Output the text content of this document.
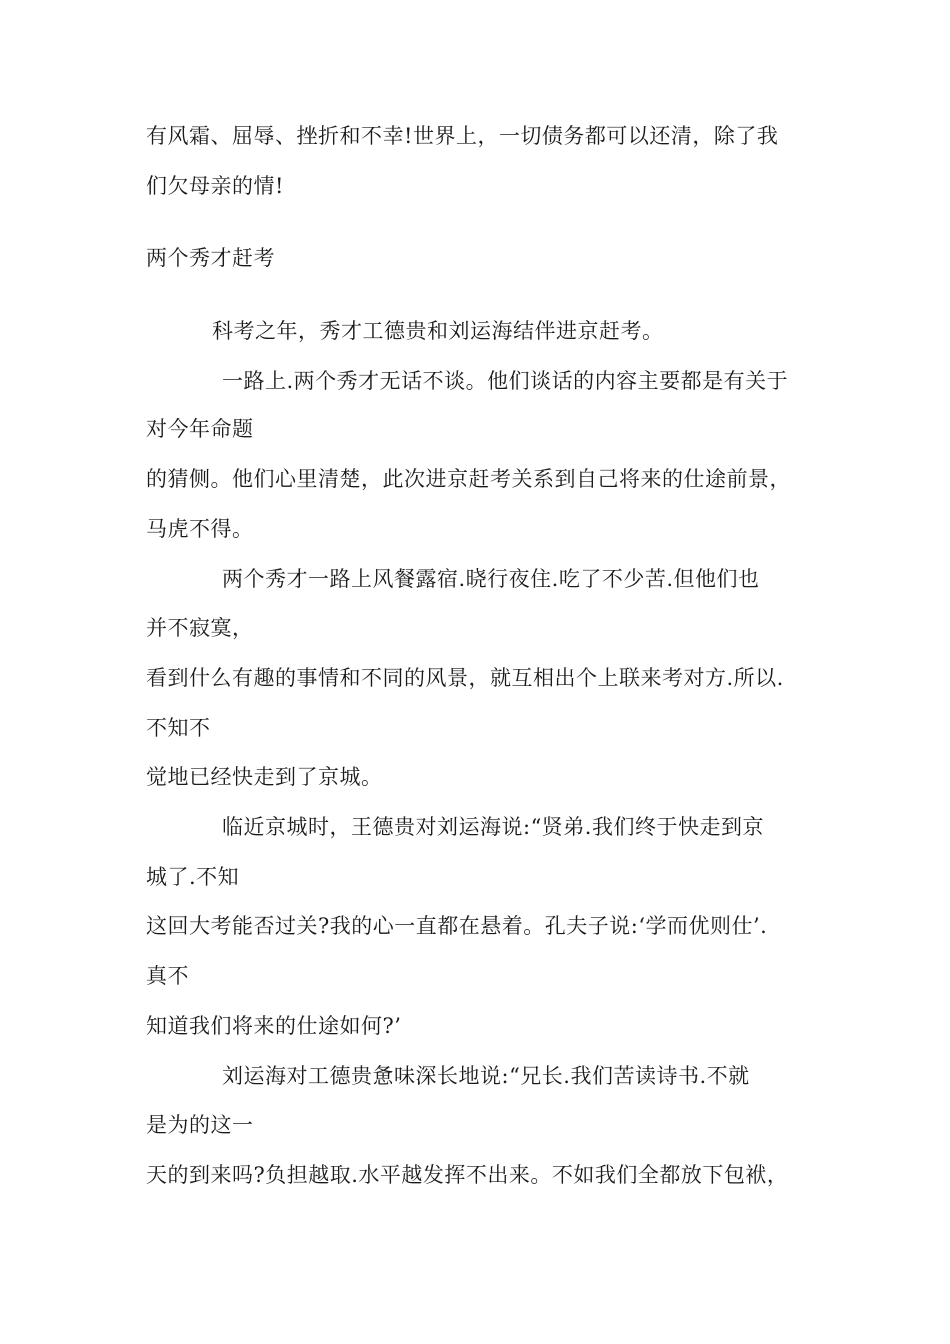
有风霜、屈辱、挫折和不幸!世界上，一切债务都可以还清，除了我
们欠母亲的情!
两个秀才赶考
科考之年，秀才工德贵和刘运海结伴进京赶考。
一路上.两个秀才无话不谈。他们谈话的内容主要都是有关于
对今年命题
的猜侧。他们心里清楚，此次进京赶考关系到自己将来的仕途前景，
马虎不得。
两个秀才一路上风餐露宿.晓行夜住.吃了不少苦.但他们也
并不寂寞，
看到什么有趣的事情和不同的风景，就互相出个上联来考对方.所以.
不知不
觉地已经快走到了京城。
临近京城时，王德贵对刘运海说:“贤弟.我们终于快走到京
城了.不知
这回大考能否过关?我的心一直都在悬着。孔夫子说:‘学而优则仕’.
真不
知道我们将来的仕途如何?’
刘运海对工德贵惫味深长地说:“兄长.我们苦读诗书.不就
是为的这一
天的到来吗?负担越取.水平越发挥不出来。不如我们全都放下包袱，
